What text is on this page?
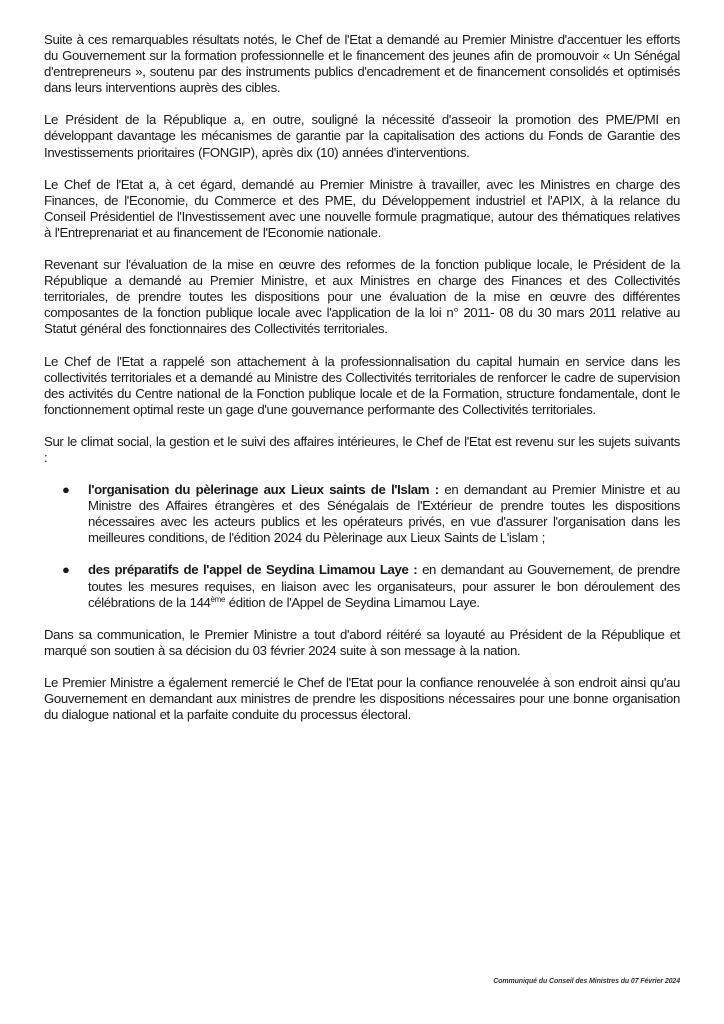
Suite à ces remarquables résultats notés, le Chef de l'Etat a demandé au Premier Ministre d'accentuer les efforts du Gouvernement sur la formation professionnelle et le financement des jeunes afin de promouvoir « Un Sénégal d'entrepreneurs », soutenu par des instruments publics d'encadrement et de financement consolidés et optimisés dans leurs interventions auprès des cibles.

Le Président de la République a, en outre, souligné la nécessité d'asseoir la promotion des PME/PMI en développant davantage les mécanismes de garantie par la capitalisation des actions du Fonds de Garantie des Investissements prioritaires (FONGIP), après dix (10) années d'interventions.

Le Chef de l'Etat a, à cet égard, demandé au Premier Ministre à travailler, avec les Ministres en charge des Finances, de l'Economie, du Commerce et des PME, du Développement industriel et l'APIX, à la relance du Conseil Présidentiel de l'Investissement avec une nouvelle formule pragmatique, autour des thématiques relatives à l'Entreprenariat et au financement de l'Economie nationale.

Revenant sur l'évaluation de la mise en œuvre des reformes de la fonction publique locale, le Président de la République a demandé au Premier Ministre, et aux Ministres en charge des Finances et des Collectivités territoriales, de prendre toutes les dispositions pour une évaluation de la mise en œuvre des différentes composantes de la fonction publique locale avec l'application de la loi n° 2011- 08 du 30 mars 2011 relative au Statut général des fonctionnaires des Collectivités territoriales.

Le Chef de l'Etat a rappelé son attachement à la professionnalisation du capital humain en service dans les collectivités territoriales et a demandé au Ministre des Collectivités territoriales de renforcer le cadre de supervision des activités du Centre national de la Fonction publique locale et de la Formation, structure fondamentale, dont le fonctionnement optimal reste un gage d'une gouvernance performante des Collectivités territoriales.

Sur le climat social, la gestion et le suivi des affaires intérieures, le Chef de l'Etat est revenu sur les sujets suivants :

● l'organisation du pèlerinage aux Lieux saints de l'Islam : en demandant au Premier Ministre et au Ministre des Affaires étrangères et des Sénégalais de l'Extérieur de prendre toutes les dispositions nécessaires avec les acteurs publics et les opérateurs privés, en vue d'assurer l'organisation dans les meilleures conditions, de l'édition 2024 du Pèlerinage aux Lieux Saints de L'islam ;
● des préparatifs de l'appel de Seydina Limamou Laye : en demandant au Gouvernement, de prendre toutes les mesures requises, en liaison avec les organisateurs, pour assurer le bon déroulement des célébrations de la 144ème édition de l'Appel de Seydina Limamou Laye.

Dans sa communication, le Premier Ministre a tout d'abord réitéré sa loyauté au Président de la République et marqué son soutien à sa décision du 03 février 2024 suite à son message à la nation.

Le Premier Ministre a également remercié le Chef de l'Etat pour la confiance renouvelée à son endroit ainsi qu'au Gouvernement en demandant aux ministres de prendre les dispositions nécessaires pour une bonne organisation du dialogue national et la parfaite conduite du processus électoral.

Communiqué du Conseil des Ministres du 07 Février 2024
